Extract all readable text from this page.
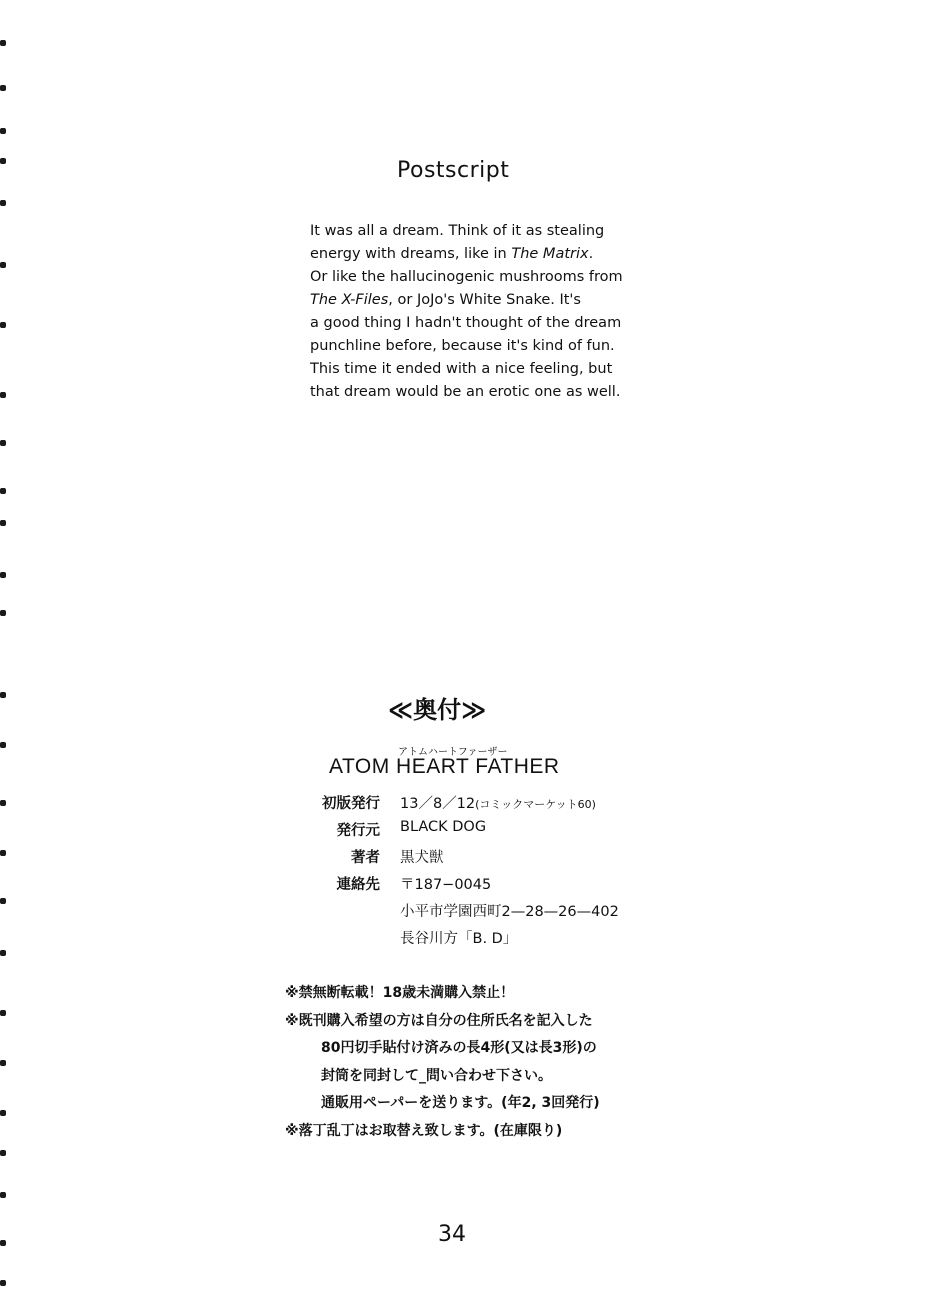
Postscript
It was all a dream. Think of it as stealing
energy with dreams, like in The Matrix.
Or like the hallucinogenic mushrooms from
The X-Files, or JoJo's White Snake. It's
a good thing I hadn't thought of the dream
punchline before, because it's kind of fun.
This time it ended with a nice feeling, but
that dream would be an erotic one as well.
≪奥付≫
アトムハートファーザー
ATOM HEART FATHER
初版発行 13／8／12(コミックマーケット60)
発行元 BLACK DOG
著者 黒犬獣
連絡先 〒187−0045
小平市学園西町2—28—26—402
長谷川方「B. D」
※禁無断転載！18歳未満購入禁止！
※既刊購入希望の方は自分の住所氏名を記入した
80円切手貼付け済みの長4形(又は長3形)の
封筒を同封して_問い合わせ下さい。
通販用ペーパーを送ります。(年2, 3回発行)
※落丁乱丁はお取替え致します。(在庫限り)
34
